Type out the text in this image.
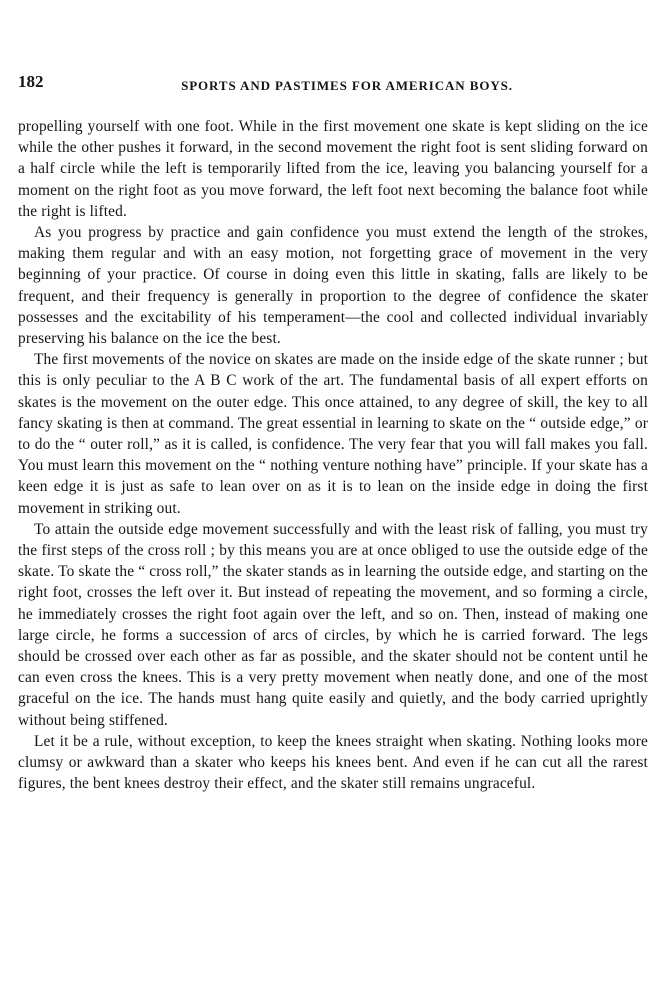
182	SPORTS AND PASTIMES FOR AMERICAN BOYS.

propelling yourself with one foot. While in the first movement one skate is kept sliding on the ice while the other pushes it forward, in the second movement the right foot is sent sliding forward on a half circle while the left is temporarily lifted from the ice, leaving you balancing yourself for a moment on the right foot as you move forward, the left foot next becoming the balance foot while the right is lifted.

As you progress by practice and gain confidence you must extend the length of the strokes, making them regular and with an easy motion, not forgetting grace of movement in the very beginning of your practice. Of course in doing even this little in skating, falls are likely to be frequent, and their frequency is generally in proportion to the degree of confidence the skater possesses and the excitability of his temperament—the cool and collected individual invariably preserving his balance on the ice the best.

The first movements of the novice on skates are made on the inside edge of the skate runner ; but this is only peculiar to the A B C work of the art. The fundamental basis of all expert efforts on skates is the movement on the outer edge. This once attained, to any degree of skill, the key to all fancy skating is then at command. The great essential in learning to skate on the “ outside edge,” or to do the “ outer roll,” as it is called, is confidence. The very fear that you will fall makes you fall. You must learn this movement on the “ nothing venture nothing have” principle. If your skate has a keen edge it is just as safe to lean over on as it is to lean on the inside edge in doing the first movement in striking out.

To attain the outside edge movement successfully and with the least risk of falling, you must try the first steps of the cross roll ; by this means you are at once obliged to use the outside edge of the skate. To skate the “ cross roll,” the skater stands as in learning the outside edge, and starting on the right foot, crosses the left over it. But instead of repeating the movement, and so forming a circle, he immediately crosses the right foot again over the left, and so on. Then, instead of making one large circle, he forms a succession of arcs of circles, by which he is carried forward. The legs should be crossed over each other as far as possible, and the skater should not be content until he can even cross the knees. This is a very pretty movement when neatly done, and one of the most graceful on the ice. The hands must hang quite easily and quietly, and the body carried uprightly without being stiffened.

Let it be a rule, without exception, to keep the knees straight when skating. Nothing looks more clumsy or awkward than a skater who keeps his knees bent. And even if he can cut all the rarest figures, the bent knees destroy their effect, and the skater still remains ungraceful.
